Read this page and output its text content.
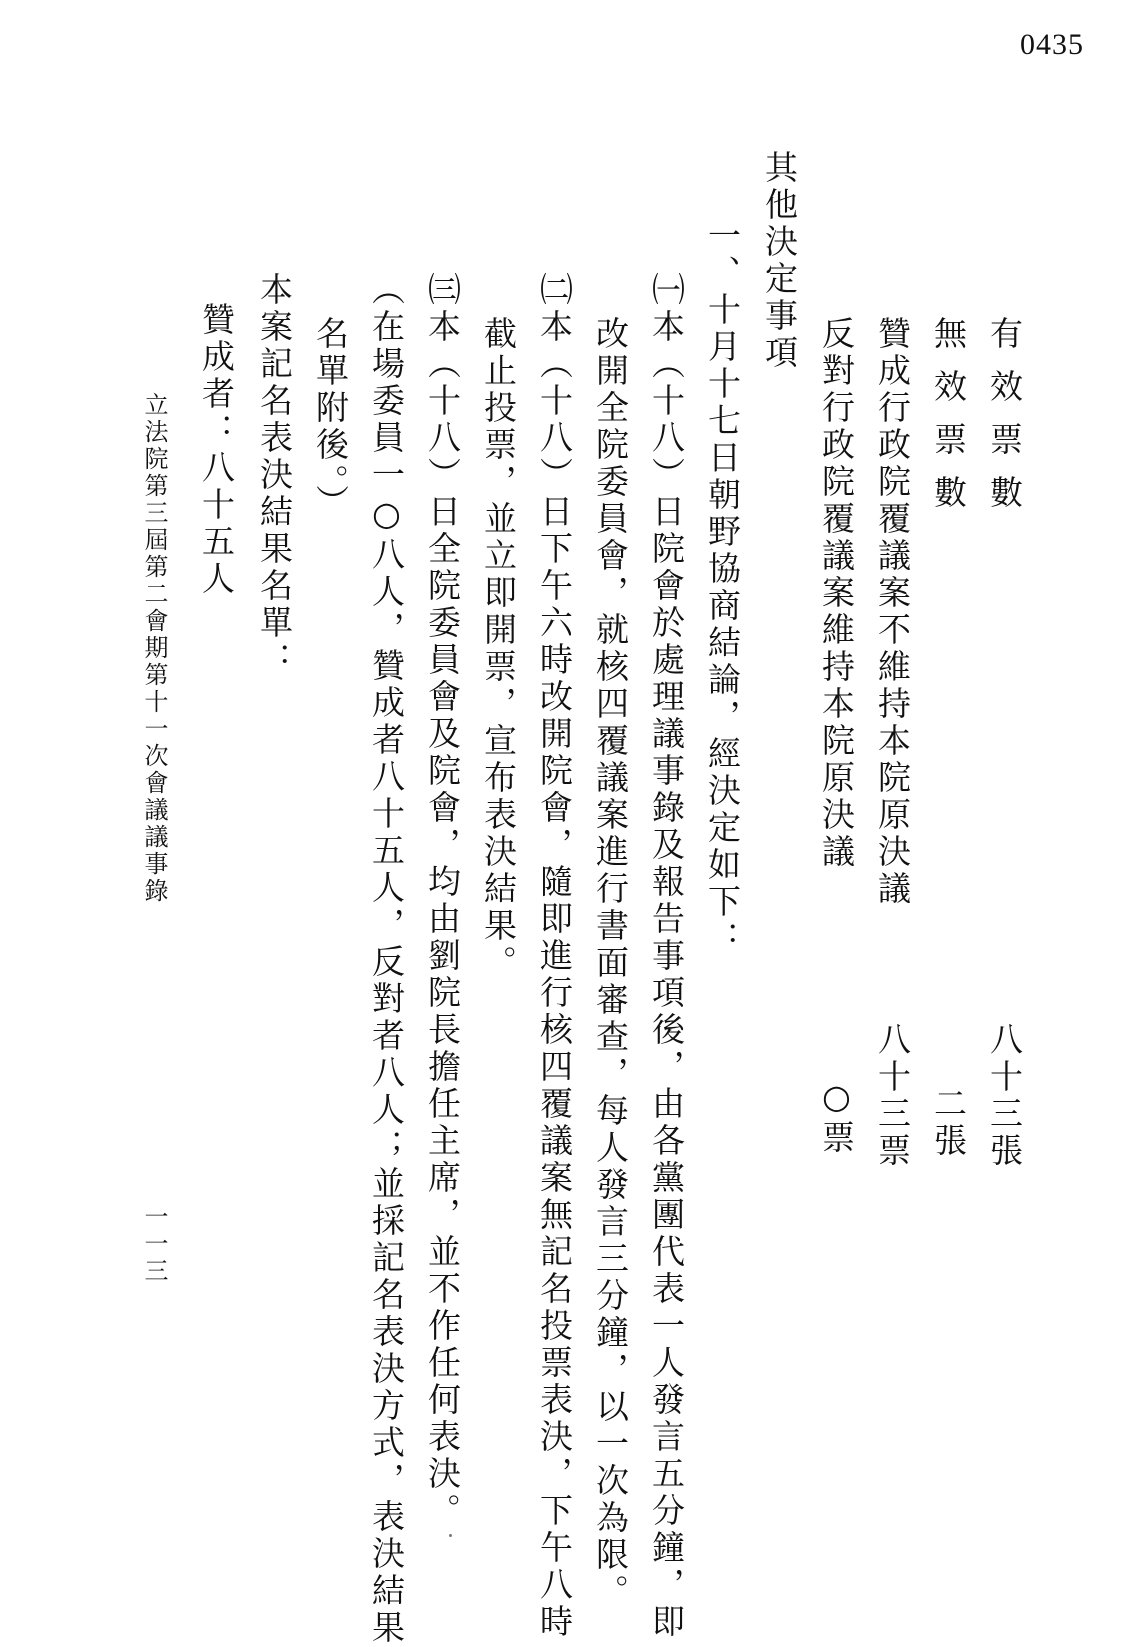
0435
有效票數  八十三張
無效票數  二張
贊成行政院覆議案不維持本院原決議  八十三票
反對行政院覆議案維持本院原決議  ○票
其他決定事項
一、十月十七日朝野協商結論，經決定如下：
㈠本（十八）日院會於處理議事錄及報告事項後，由各黨團代表一人發言五分鐘，即
改開全院委員會，就核四覆議案進行書面審查，每人發言三分鐘，以一次為限。
㈡本（十八）日下午六時改開院會，隨即進行核四覆議案無記名投票表決，下午八時
截止投票，並立即開票，宣布表決結果。
㈢本（十八）日全院委員會及院會，均由劉院長擔任主席，並不作任何表決。
（在場委員一○八人，贊成者八十五人，反對者八人；並採記名表決方式，表決結果
名單附後。）
本案記名表決結果名單：
贊成者：八十五人
立法院第三屆第二會期第十一次會議議事錄
一一三
